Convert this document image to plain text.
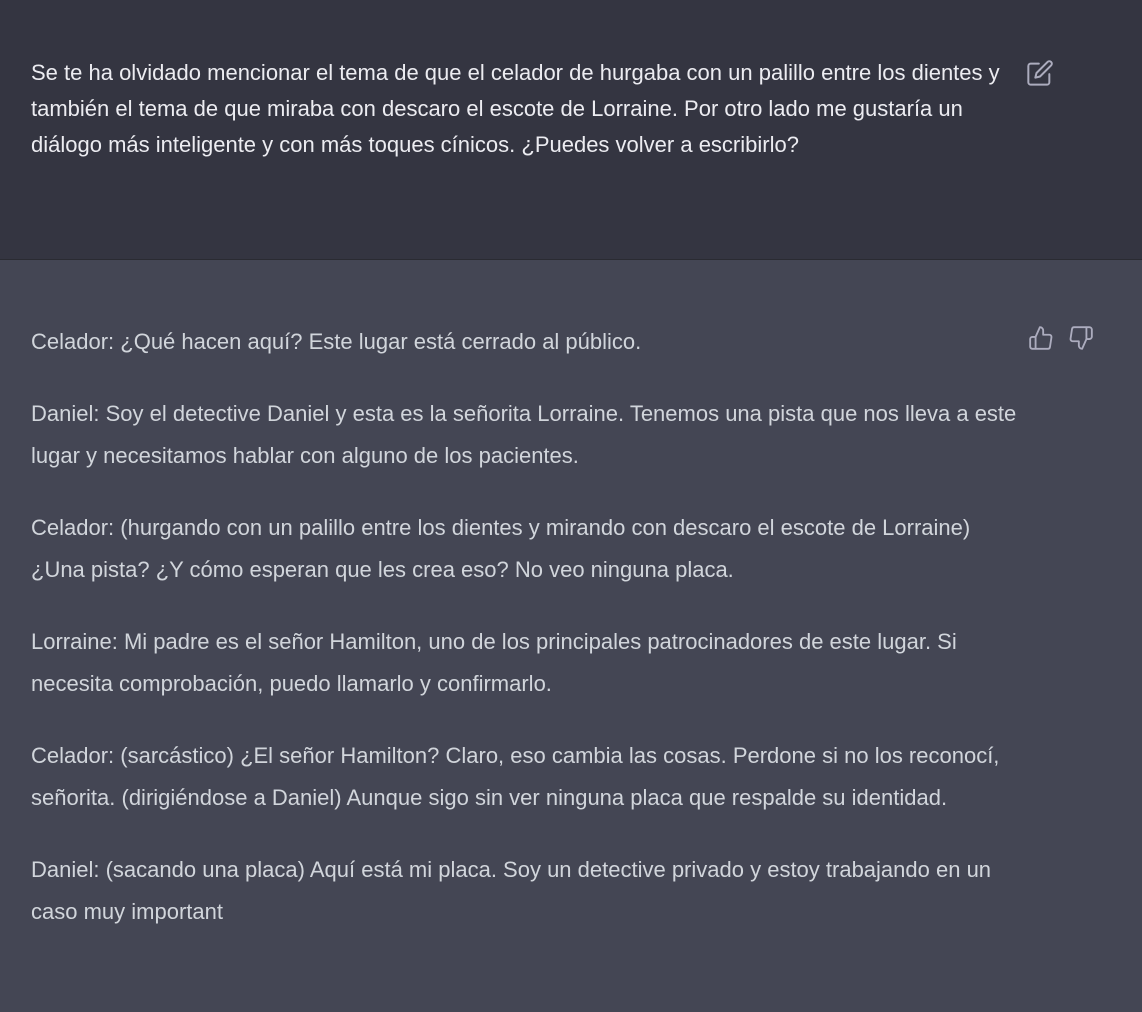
Se te ha olvidado mencionar el tema de que el celador de hurgaba con un palillo entre los dientes y también el tema de que miraba con descaro el escote de Lorraine. Por otro lado me gustaría un diálogo más inteligente y con más toques cínicos. ¿Puedes volver a escribirlo?

Celador: ¿Qué hacen aquí? Este lugar está cerrado al público.

Daniel: Soy el detective Daniel y esta es la señorita Lorraine. Tenemos una pista que nos lleva a este lugar y necesitamos hablar con alguno de los pacientes.

Celador: (hurgando con un palillo entre los dientes y mirando con descaro el escote de Lorraine) ¿Una pista? ¿Y cómo esperan que les crea eso? No veo ninguna placa.

Lorraine: Mi padre es el señor Hamilton, uno de los principales patrocinadores de este lugar. Si necesita comprobación, puedo llamarlo y confirmarlo.

Celador: (sarcástico) ¿El señor Hamilton? Claro, eso cambia las cosas. Perdone si no los reconocí, señorita. (dirigiéndose a Daniel) Aunque sigo sin ver ninguna placa que respalde su identidad.

Daniel: (sacando una placa) Aquí está mi placa. Soy un detective privado y estoy trabajando en un caso muy important
